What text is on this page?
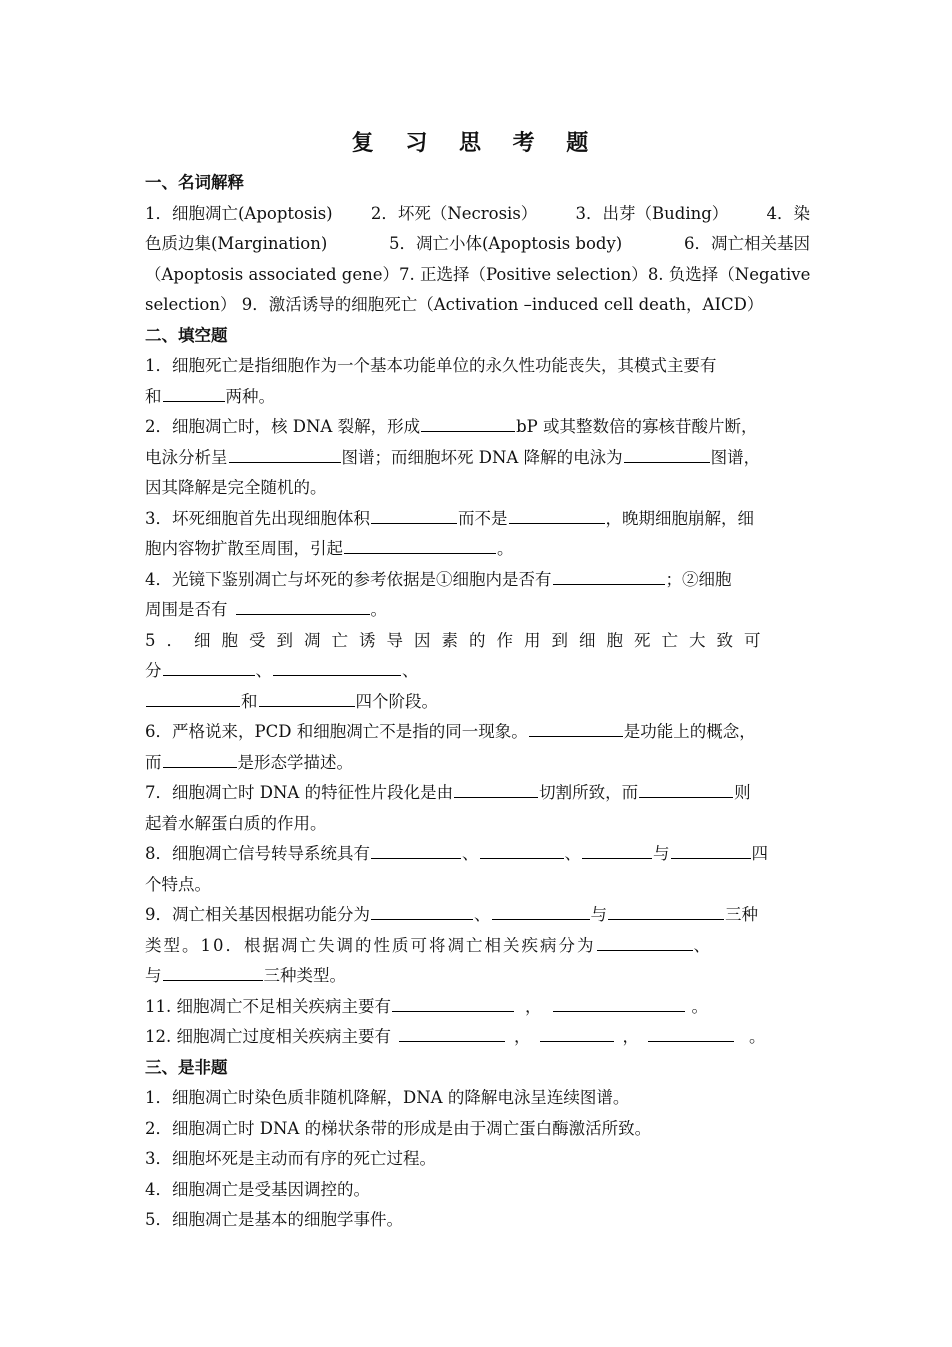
复 习 思 考 题
一、名词解释
1．细胞凋亡(Apoptosis) 2．坏死（Necrosis） 3．出芽（Buding） 4．染
色质边集(Margination)	5．凋亡小体(Apoptosis body)	6．凋亡相关基因
（Apoptosis associated gene） 7. 正选择（Positive selection） 8. 负选择（Negative
selection） 9．激活诱导的细胞死亡（Activation –induced cell death，AICD）
二、填空题
1．细胞死亡是指细胞作为一个基本功能单位的永久性功能丧失，其模式主要有
和	两种。
2．细胞凋亡时，核 DNA 裂解，形成	bP 或其整数倍的寡核苷酸片断，
电泳分析呈	图谱；而细胞坏死 DNA 降解的电泳为	图谱，
因其降解是完全随机的。
3．坏死细胞首先出现细胞体积	而不是	，晚期细胞崩解，细
胞内容物扩散至周围，引起	。
4．光镜下鉴别凋亡与坏死的参考依据是①细胞内是否有	；②细胞
周围是否有	。
5．细胞受到凋亡诱导因素的作用到细胞死亡大致可
分	、	、
和	四个阶段。
6．严格说来，PCD 和细胞凋亡不是指的同一现象。	是功能上的概念，
而	是形态学描述。
7．细胞凋亡时 DNA 的特征性片段化是由	切割所致，而	则
起着水解蛋白质的作用。
8．细胞凋亡信号转导系统具有	、	、	与	四
个特点。
9．凋亡相关基因根据功能分为	、	与	三种
类型。10．根据凋亡失调的性质可将凋亡相关疾病分为	、
与	三种类型。
11. 细胞凋亡不足相关疾病主要有	，	。
12. 细胞凋亡过度相关疾病主要有	，	，	。
三、是非题
1．细胞凋亡时染色质非随机降解，DNA 的降解电泳呈连续图谱。
2．细胞凋亡时 DNA 的梯状条带的形成是由于凋亡蛋白酶激活所致。
3．细胞坏死是主动而有序的死亡过程。
4．细胞凋亡是受基因调控的。
5．细胞凋亡是基本的细胞学事件。
